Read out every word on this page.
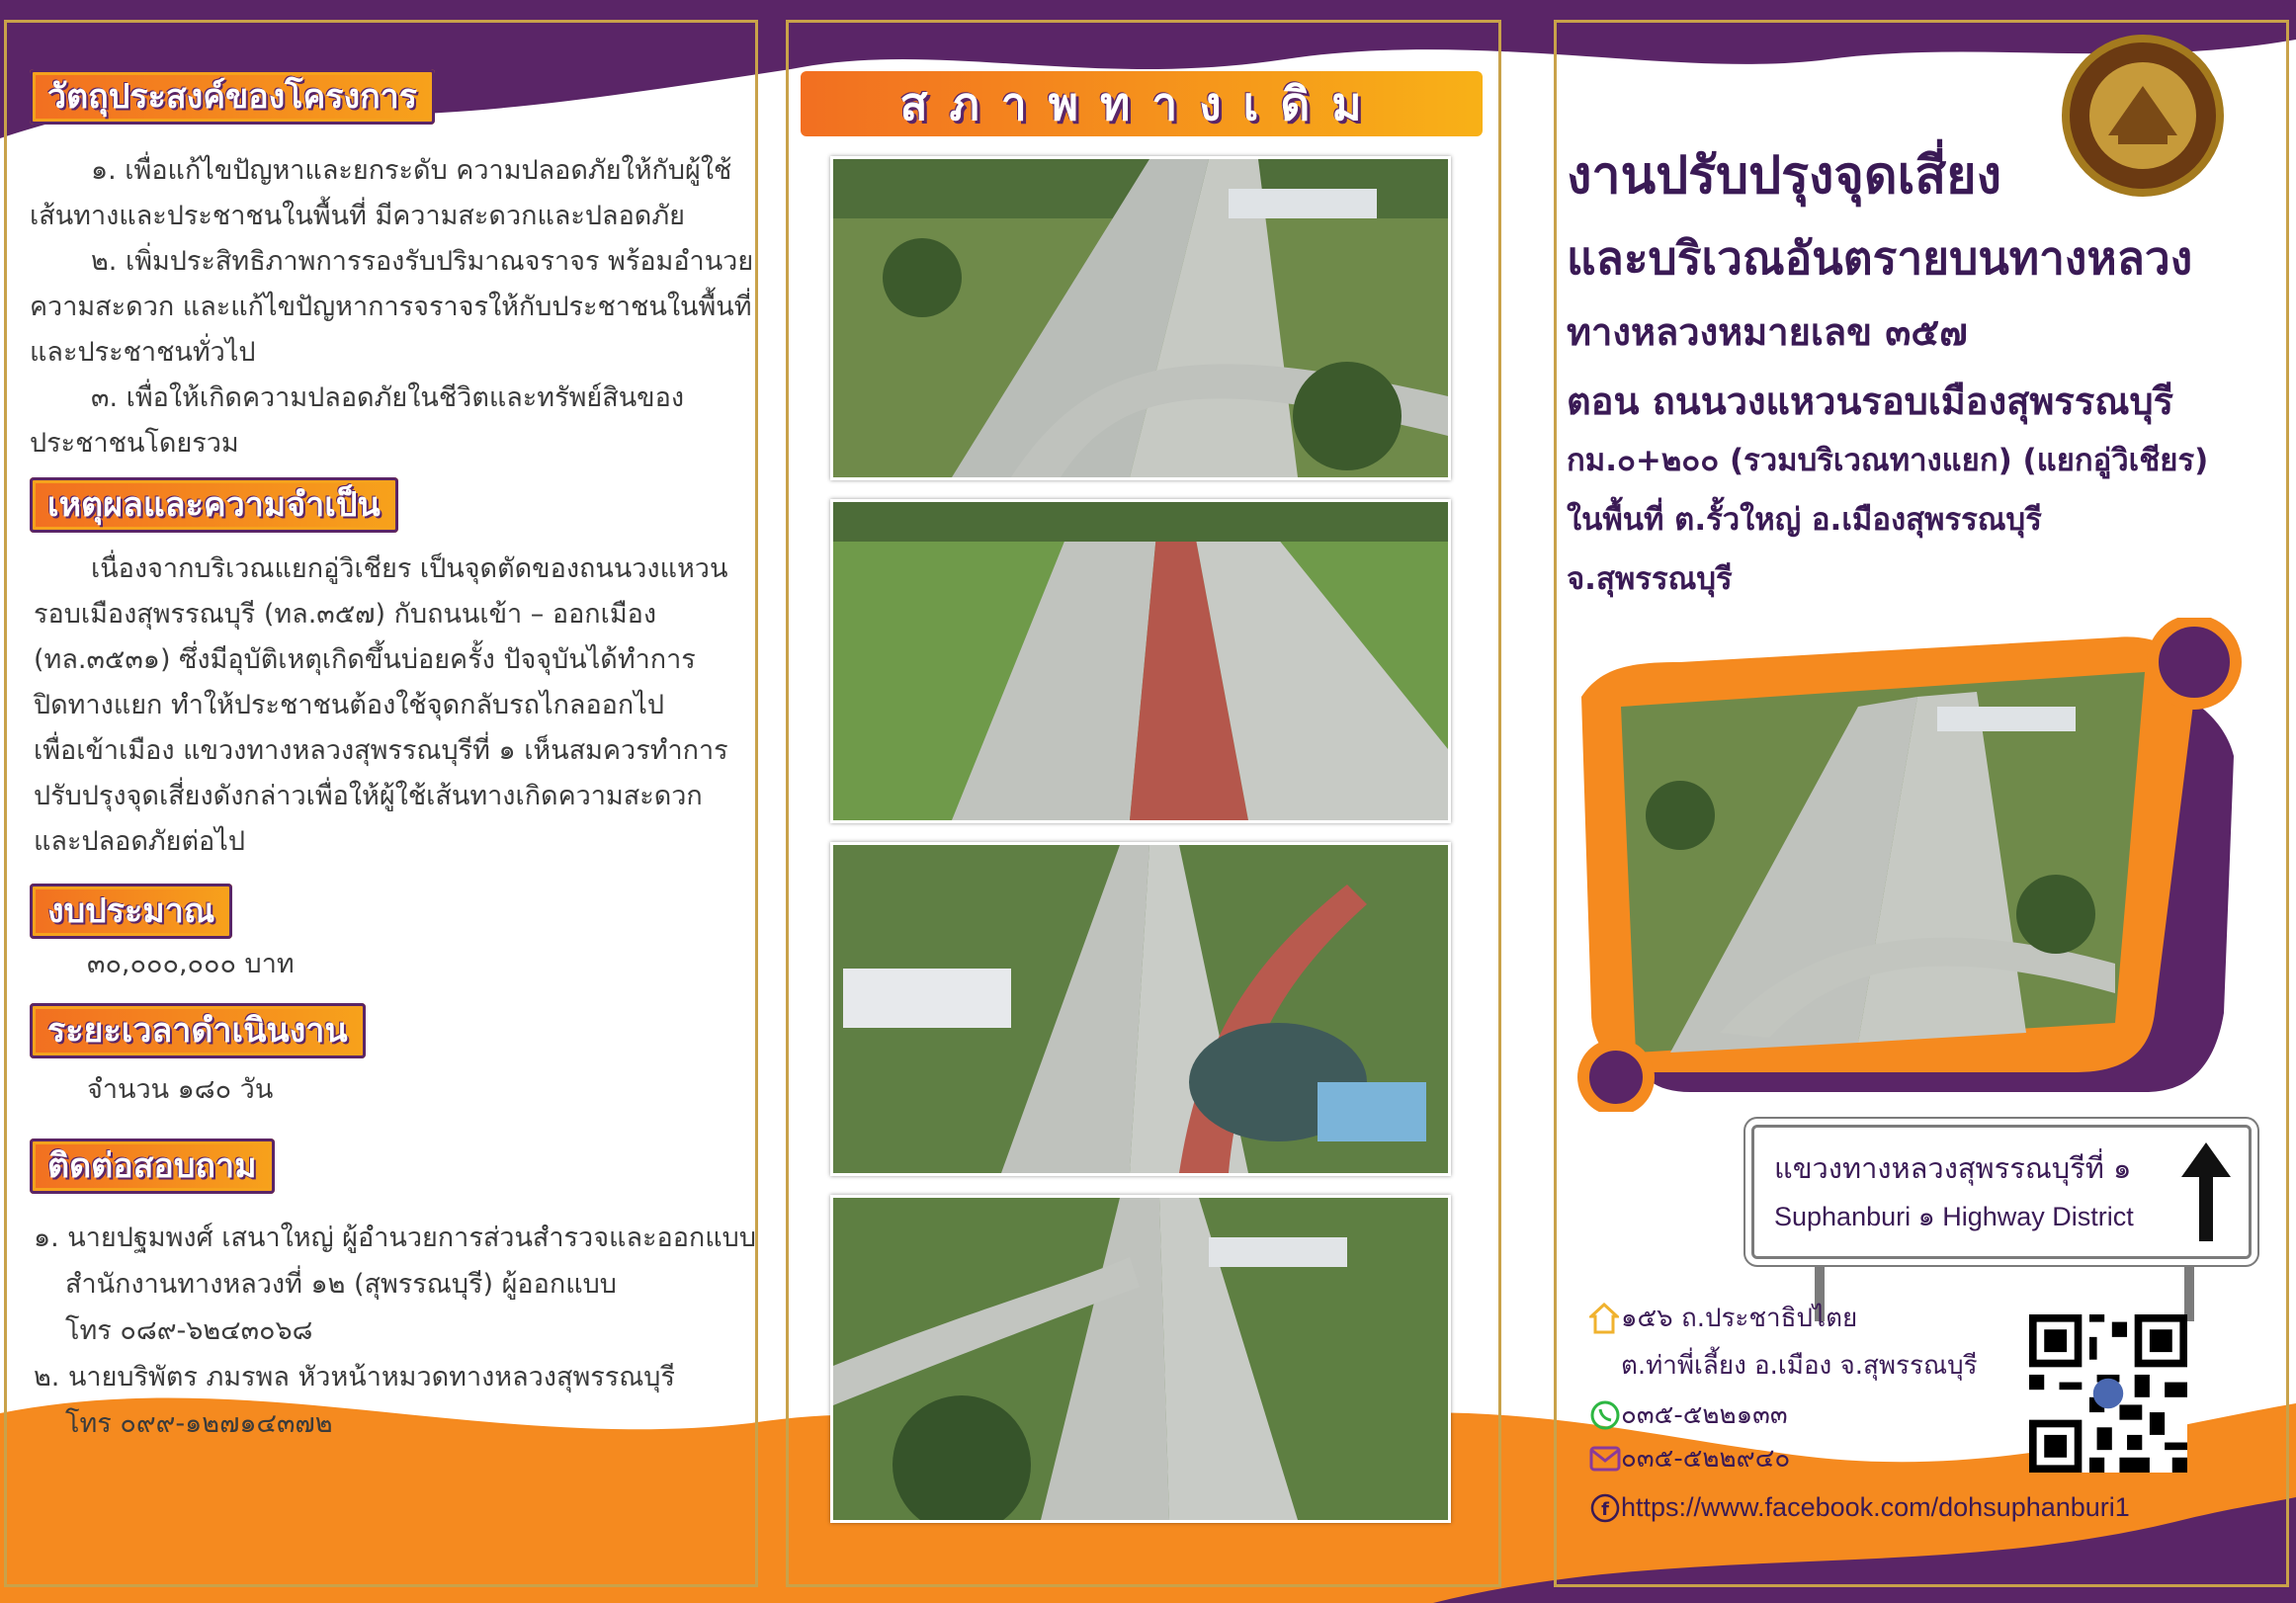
วัตถุประสงค์ของโครงการ
๑. เพื่อแก้ไขปัญหาและยกระดับ ความปลอดภัยให้กับผู้ใช้
เส้นทางและประชาชนในพื้นที่ มีความสะดวกและปลอดภัย
๒. เพิ่มประสิทธิภาพการรองรับปริมาณจราจร พร้อมอำนวย
ความสะดวก และแก้ไขปัญหาการจราจรให้กับประชาชนในพื้นที่
และประชาชนทั่วไป
๓. เพื่อให้เกิดความปลอดภัยในชีวิตและทรัพย์สินของ
ประชาชนโดยรวม
เหตุผลและความจำเป็น
เนื่องจากบริเวณแยกอู่วิเชียร เป็นจุดตัดของถนนวงแหวน
รอบเมืองสุพรรณบุรี (ทล.๓๕๗) กับถนนเข้า – ออกเมือง
(ทล.๓๕๓๑) ซึ่งมีอุบัติเหตุเกิดขึ้นบ่อยครั้ง ปัจจุบันได้ทำการ
ปิดทางแยก ทำให้ประชาชนต้องใช้จุดกลับรถไกลออกไป
เพื่อเข้าเมือง แขวงทางหลวงสุพรรณบุรีที่ ๑ เห็นสมควรทำการ
ปรับปรุงจุดเสี่ยงดังกล่าวเพื่อให้ผู้ใช้เส้นทางเกิดความสะดวก
และปลอดภัยต่อไป
งบประมาณ
๓๐,๐๐๐,๐๐๐ บาท
ระยะเวลาดำเนินงาน
จำนวน ๑๘๐ วัน
ติดต่อสอบถาม
๑. นายปฐมพงศ์ เสนาใหญ่ ผู้อำนวยการส่วนสำรวจและออกแบบ
สำนักงานทางหลวงที่ ๑๒ (สุพรรณบุรี) ผู้ออกแบบ
โทร ๐๘๙-๖๒๔๓๐๖๘
๒. นายบริพัตร ภมรพล หัวหน้าหมวดทางหลวงสุพรรณบุรี
โทร ๐๙๙-๑๒๗๑๔๓๗๒
สภาพทางเดิม
งานปรับปรุงจุดเสี่ยง
และบริเวณอันตรายบนทางหลวง
ทางหลวงหมายเลข ๓๕๗
ตอน ถนนวงแหวนรอบเมืองสุพรรณบุรี
กม.๐+๒๐๐ (รวมบริเวณทางแยก) (แยกอู่วิเชียร)
ในพื้นที่ ต.รั้วใหญ่ อ.เมืองสุพรรณบุรี
จ.สุพรรณบุรี
แขวงทางหลวงสุพรรณบุรีที่ ๑
Suphanburi ๑ Highway District
๑๕๖ ถ.ประชาธิปไตย
ต.ท่าพี่เลี้ยง อ.เมือง จ.สุพรรณบุรี
๐๓๕-๕๒๒๑๓๓
๐๓๕-๕๒๒๙๔๐
f https://www.facebook.com/dohsuphanburi1
